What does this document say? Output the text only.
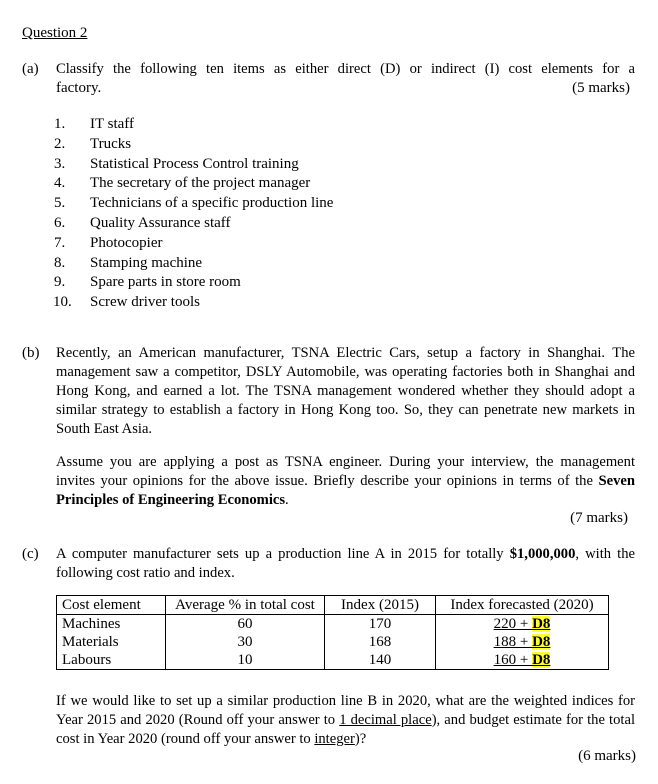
Question 2
(a) Classify the following ten items as either direct (D) or indirect (I) cost elements for a
factory.	(5 marks)
1. IT staff
2. Trucks
3. Statistical Process Control training
4. The secretary of the project manager
5. Technicians of a specific production line
6. Quality Assurance staff
7. Photocopier
8. Stamping machine
9. Spare parts in store room
10. Screw driver tools
(b) Recently, an American manufacturer, TSNA Electric Cars, setup a factory in Shanghai. The management saw a competitor, DSLY Automobile, was operating factories both in Shanghai and Hong Kong, and earned a lot. The TSNA management wondered whether they should adopt a similar strategy to establish a factory in Hong Kong too. So, they can penetrate new markets in South East Asia.
Assume you are applying a post as TSNA engineer. During your interview, the management invites your opinions for the above issue. Briefly describe your opinions in terms of the Seven Principles of Engineering Economics.
(7 marks)
(c) A computer manufacturer sets up a production line A in 2015 for totally $1,000,000, with the following cost ratio and index.
Cost element	Average % in total cost	Index (2015)	Index forecasted (2020)
Machines	60	170	220 + D8
Materials	30	168	188 + D8
Labours	10	140	160 + D8
If we would like to set up a similar production line B in 2020, what are the weighted indices for Year 2015 and 2020 (Round off your answer to 1 decimal place), and budget estimate for the total cost in Year 2020 (round off your answer to integer)?
(6 marks)
